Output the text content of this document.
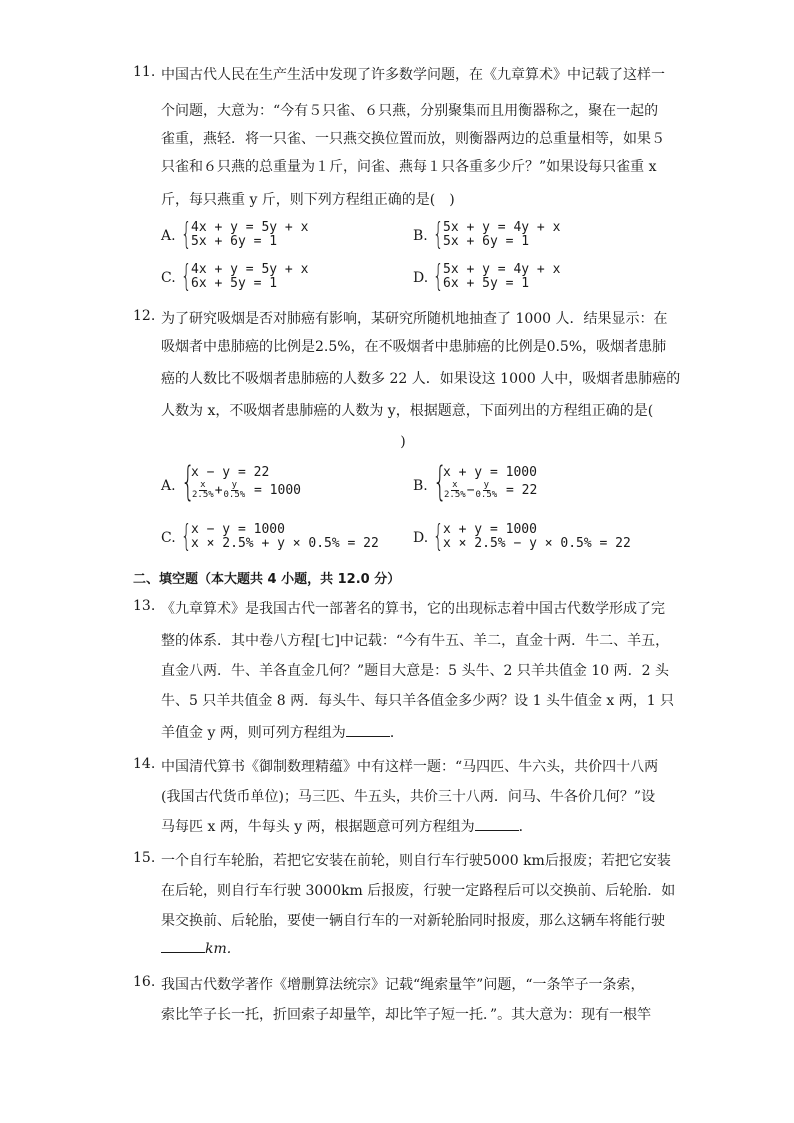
11. 中国古代人民在生产生活中发现了许多数学问题，在《九章算术》中记载了这样一
个问题，大意为：“今有５只雀、６只燕，分别聚集而且用衡器称之，聚在一起的
雀重，燕轻．将一只雀、一只燕交换位置而放，则衡器两边的总重量相等，如果５
只雀和６只燕的总重量为１斤，问雀、燕每１只各重多少斤？”如果设每只雀重 x
斤，每只燕重 y 斤，则下列方程组正确的是(　)
A. { 4x + y = 5y + x
5x + 6y = 1	B. { 5x + y = 4y + x
5x + 6y = 1
C. { 4x + y = 5y + x
6x + 5y = 1	D. { 5x + y = 4y + x
6x + 5y = 1
12. 为了研究吸烟是否对肺癌有影响，某研究所随机地抽查了 1000 人．结果显示：在
吸烟者中患肺癌的比例是2.5%，在不吸烟者中患肺癌的比例是0.5%，吸烟者患肺
癌的人数比不吸烟者患肺癌的人数多 22 人．如果设这 1000 人中，吸烟者患肺癌的
人数为 x，不吸烟者患肺癌的人数为 y，根据题意，下面列出的方程组正确的是(
)
A. {
x − y = 22
$\frac{x}{2.5\%} + \frac{y}{0.5\%} = 1000$	B. {
x + y = 1000
$\frac{x}{2.5\%} - \frac{y}{0.5\%} = 22$
C. { x − y = 1000
x × 2.5% + y × 0.5% = 22 D. { x + y = 1000
x × 2.5% − y × 0.5% = 22
二、填空题（本大题共 4 小题，共 12.0 分）
13. 《九章算术》是我国古代一部著名的算书，它的出现标志着中国古代数学形成了完
整的体系．其中卷八方程[七]中记载：“今有牛五、羊二，直金十两．牛二、羊五，
直金八两．牛、羊各直金几何？”题目大意是：5 头牛、2 只羊共值金 10 两．2 头
牛、5 只羊共值金 8 两．每头牛、每只羊各值金多少两？设 1 头牛值金 x 两，1 只
羊值金 y 两，则可列方程组为	．
14. 中国清代算书《御制数理精蕴》中有这样一题：“马四匹、牛六头，共价四十八两
(我国古代货币单位)；马三匹、牛五头，共价三十八两．问马、牛各价几何？”设
马每匹 x 两，牛每头 y 两，根据题意可列方程组为	．
15. 一个自行车轮胎，若把它安装在前轮，则自行车行驶5000 km后报废；若把它安装
在后轮，则自行车行驶 3000km 后报废，行驶一定路程后可以交换前、后轮胎．如
果交换前、后轮胎，要使一辆自行车的一对新轮胎同时报废，那么这辆车将能行驶
km.
16. 我国古代数学著作《增删算法统宗》记载“绳索量竿”问题，“一条竿子一条索，
索比竿子长一托，折回索子却量竿，却比竿子短一托．”。其大意为：现有一根竿
